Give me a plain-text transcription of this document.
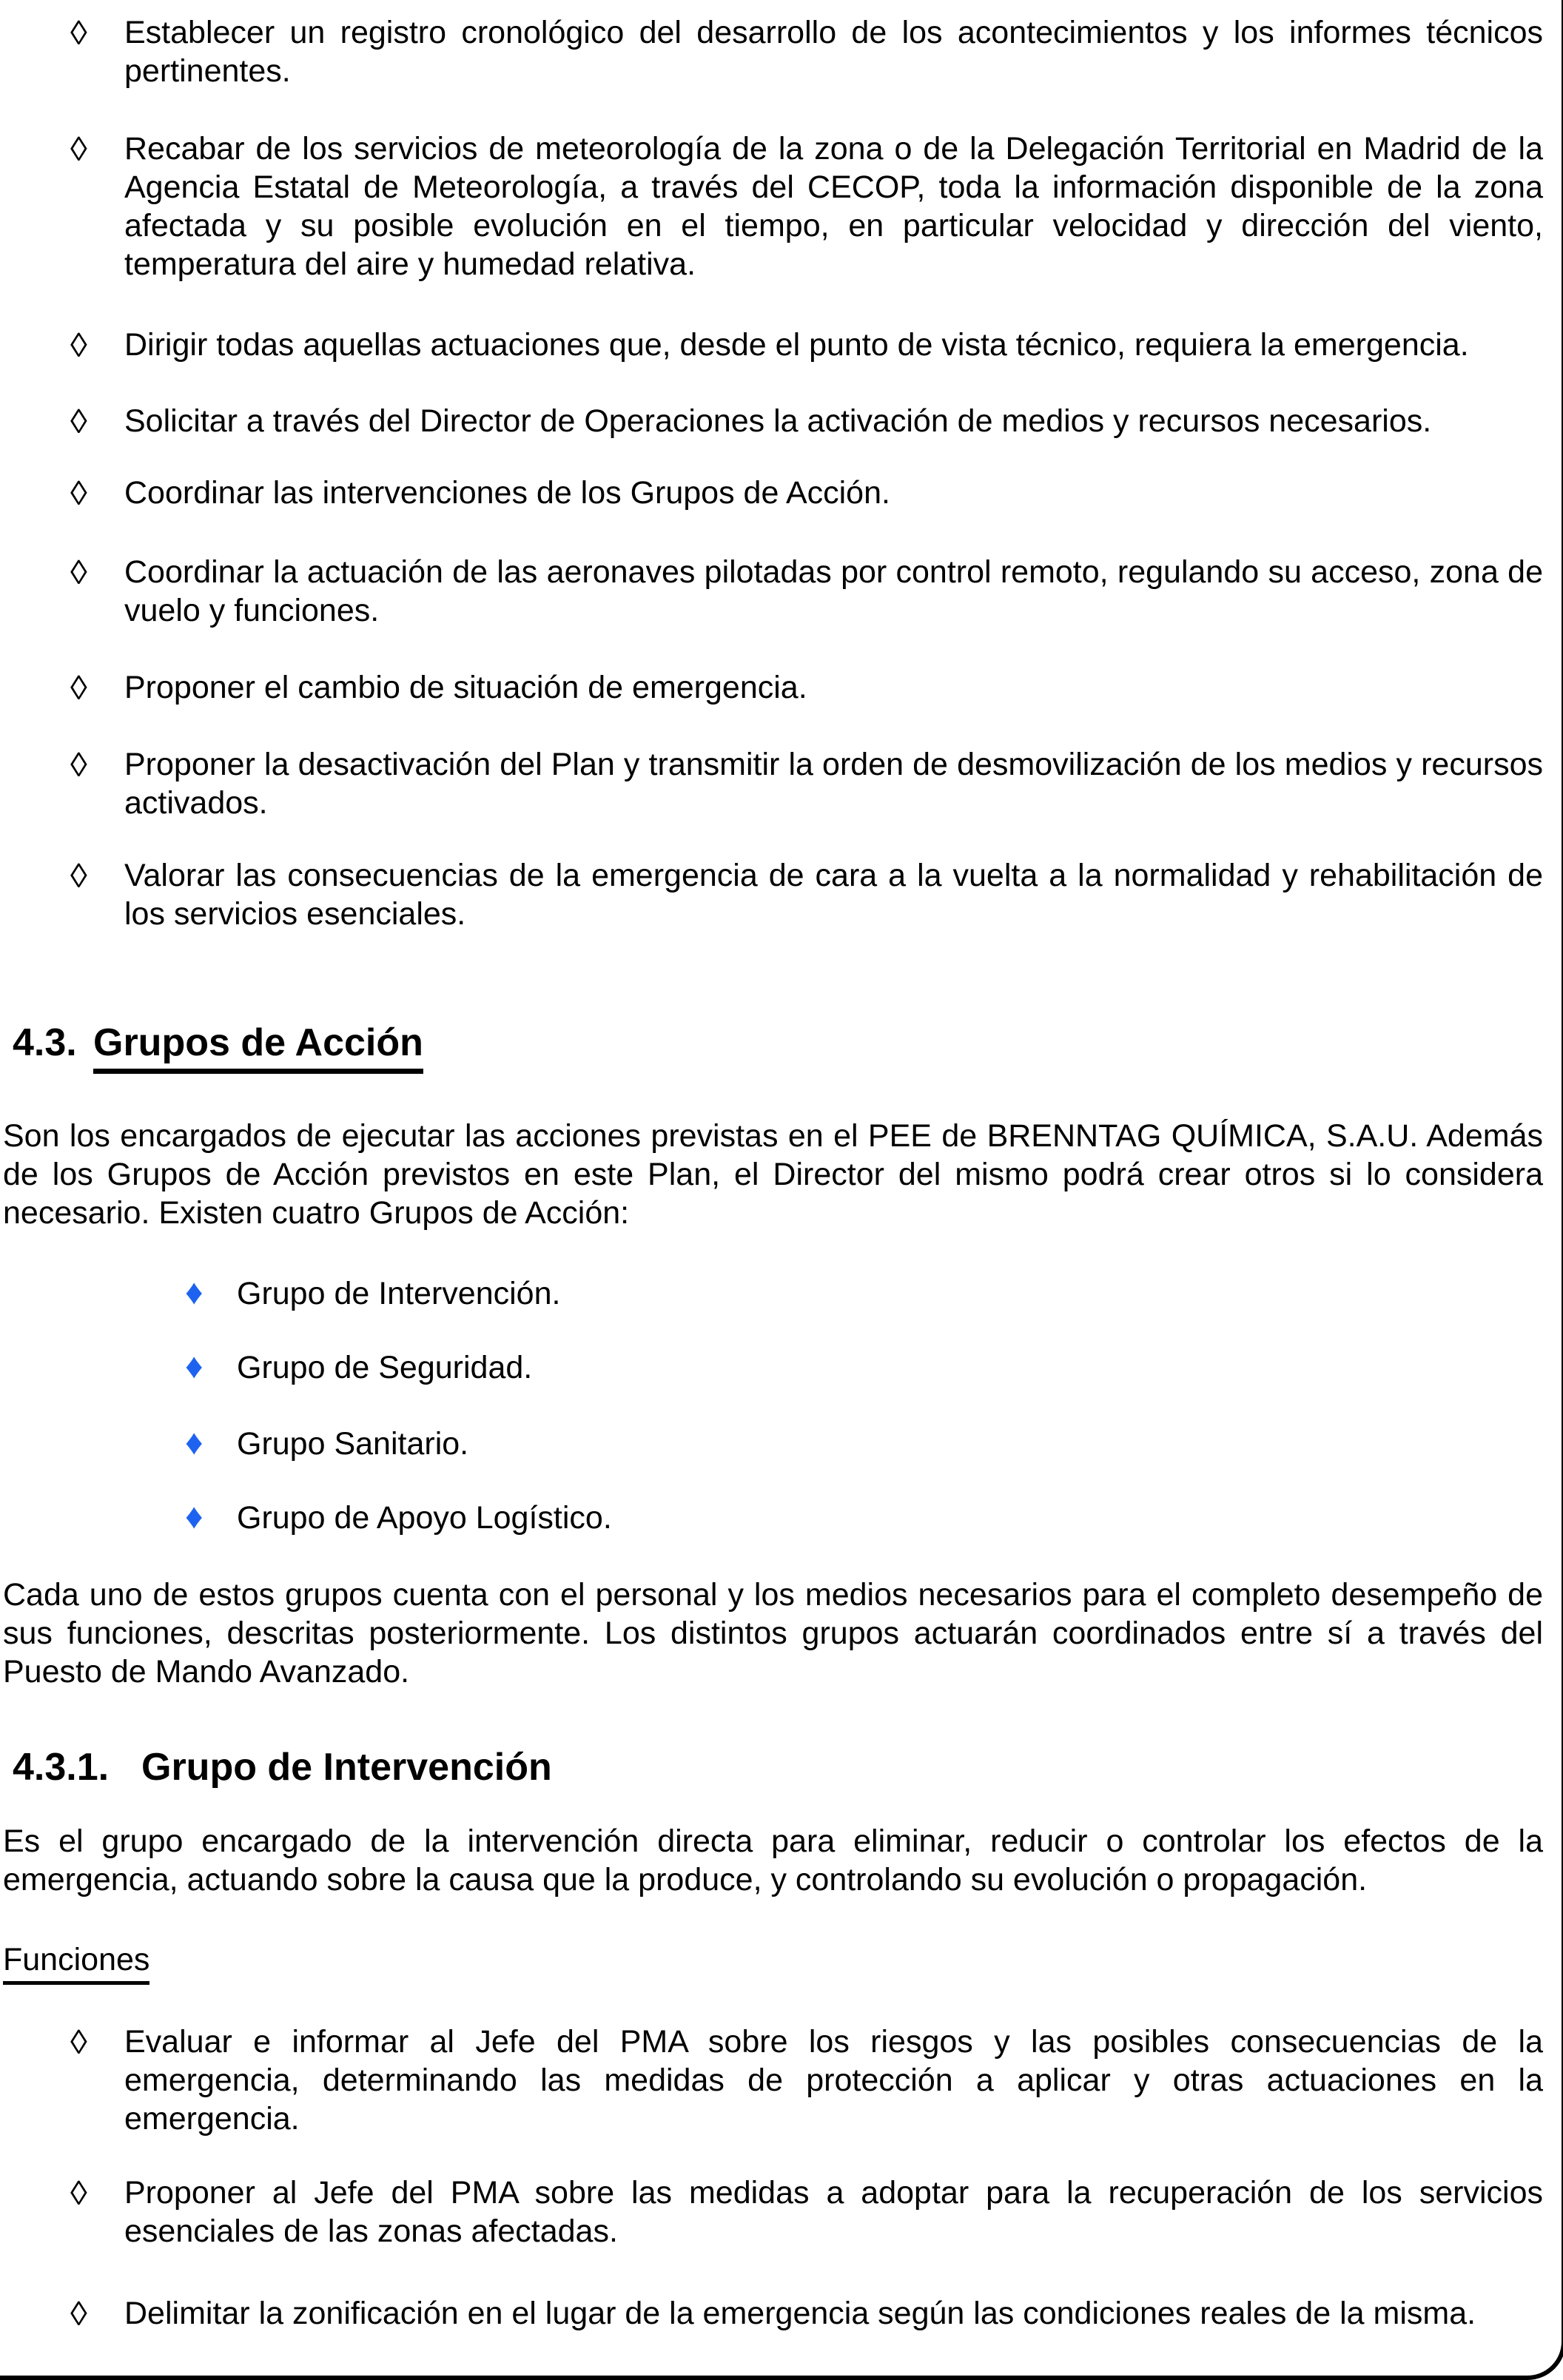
◊ Establecer un registro cronológico del desarrollo de los acontecimientos y los informes técnicos pertinentes.
◊ Recabar de los servicios de meteorología de la zona o de la Delegación Territorial en Madrid de la Agencia Estatal de Meteorología, a través del CECOP, toda la información disponible de la zona afectada y su posible evolución en el tiempo, en particular velocidad y dirección del viento, temperatura del aire y humedad relativa.
◊ Dirigir todas aquellas actuaciones que, desde el punto de vista técnico, requiera la emergencia.
◊ Solicitar a través del Director de Operaciones la activación de medios y recursos necesarios.
◊ Coordinar las intervenciones de los Grupos de Acción.
◊ Coordinar la actuación de las aeronaves pilotadas por control remoto, regulando su acceso, zona de vuelo y funciones.
◊ Proponer el cambio de situación de emergencia.
◊ Proponer la desactivación del Plan y transmitir la orden de desmovilización de los medios y recursos activados.
◊ Valorar las consecuencias de la emergencia de cara a la vuelta a la normalidad y rehabilitación de los servicios esenciales.
4.3. Grupos de Acción

Son los encargados de ejecutar las acciones previstas en el PEE de BRENNTAG QUÍMICA, S.A.U. Además de los Grupos de Acción previstos en este Plan, el Director del mismo podrá crear otros si lo considera necesario. Existen cuatro Grupos de Acción:

♦ Grupo de Intervención.
♦ Grupo de Seguridad.
♦ Grupo Sanitario.
♦ Grupo de Apoyo Logístico.

Cada uno de estos grupos cuenta con el personal y los medios necesarios para el completo desempeño de sus funciones, descritas posteriormente. Los distintos grupos actuarán coordinados entre sí a través del Puesto de Mando Avanzado.

4.3.1. Grupo de Intervención

Es el grupo encargado de la intervención directa para eliminar, reducir o controlar los efectos de la emergencia, actuando sobre la causa que la produce, y controlando su evolución o propagación.

Funciones
◊ Evaluar e informar al Jefe del PMA sobre los riesgos y las posibles consecuencias de la emergencia, determinando las medidas de protección a aplicar y otras actuaciones en la emergencia.
◊ Proponer al Jefe del PMA sobre las medidas a adoptar para la recuperación de los servicios esenciales de las zonas afectadas.
◊ Delimitar la zonificación en el lugar de la emergencia según las condiciones reales de la misma.
